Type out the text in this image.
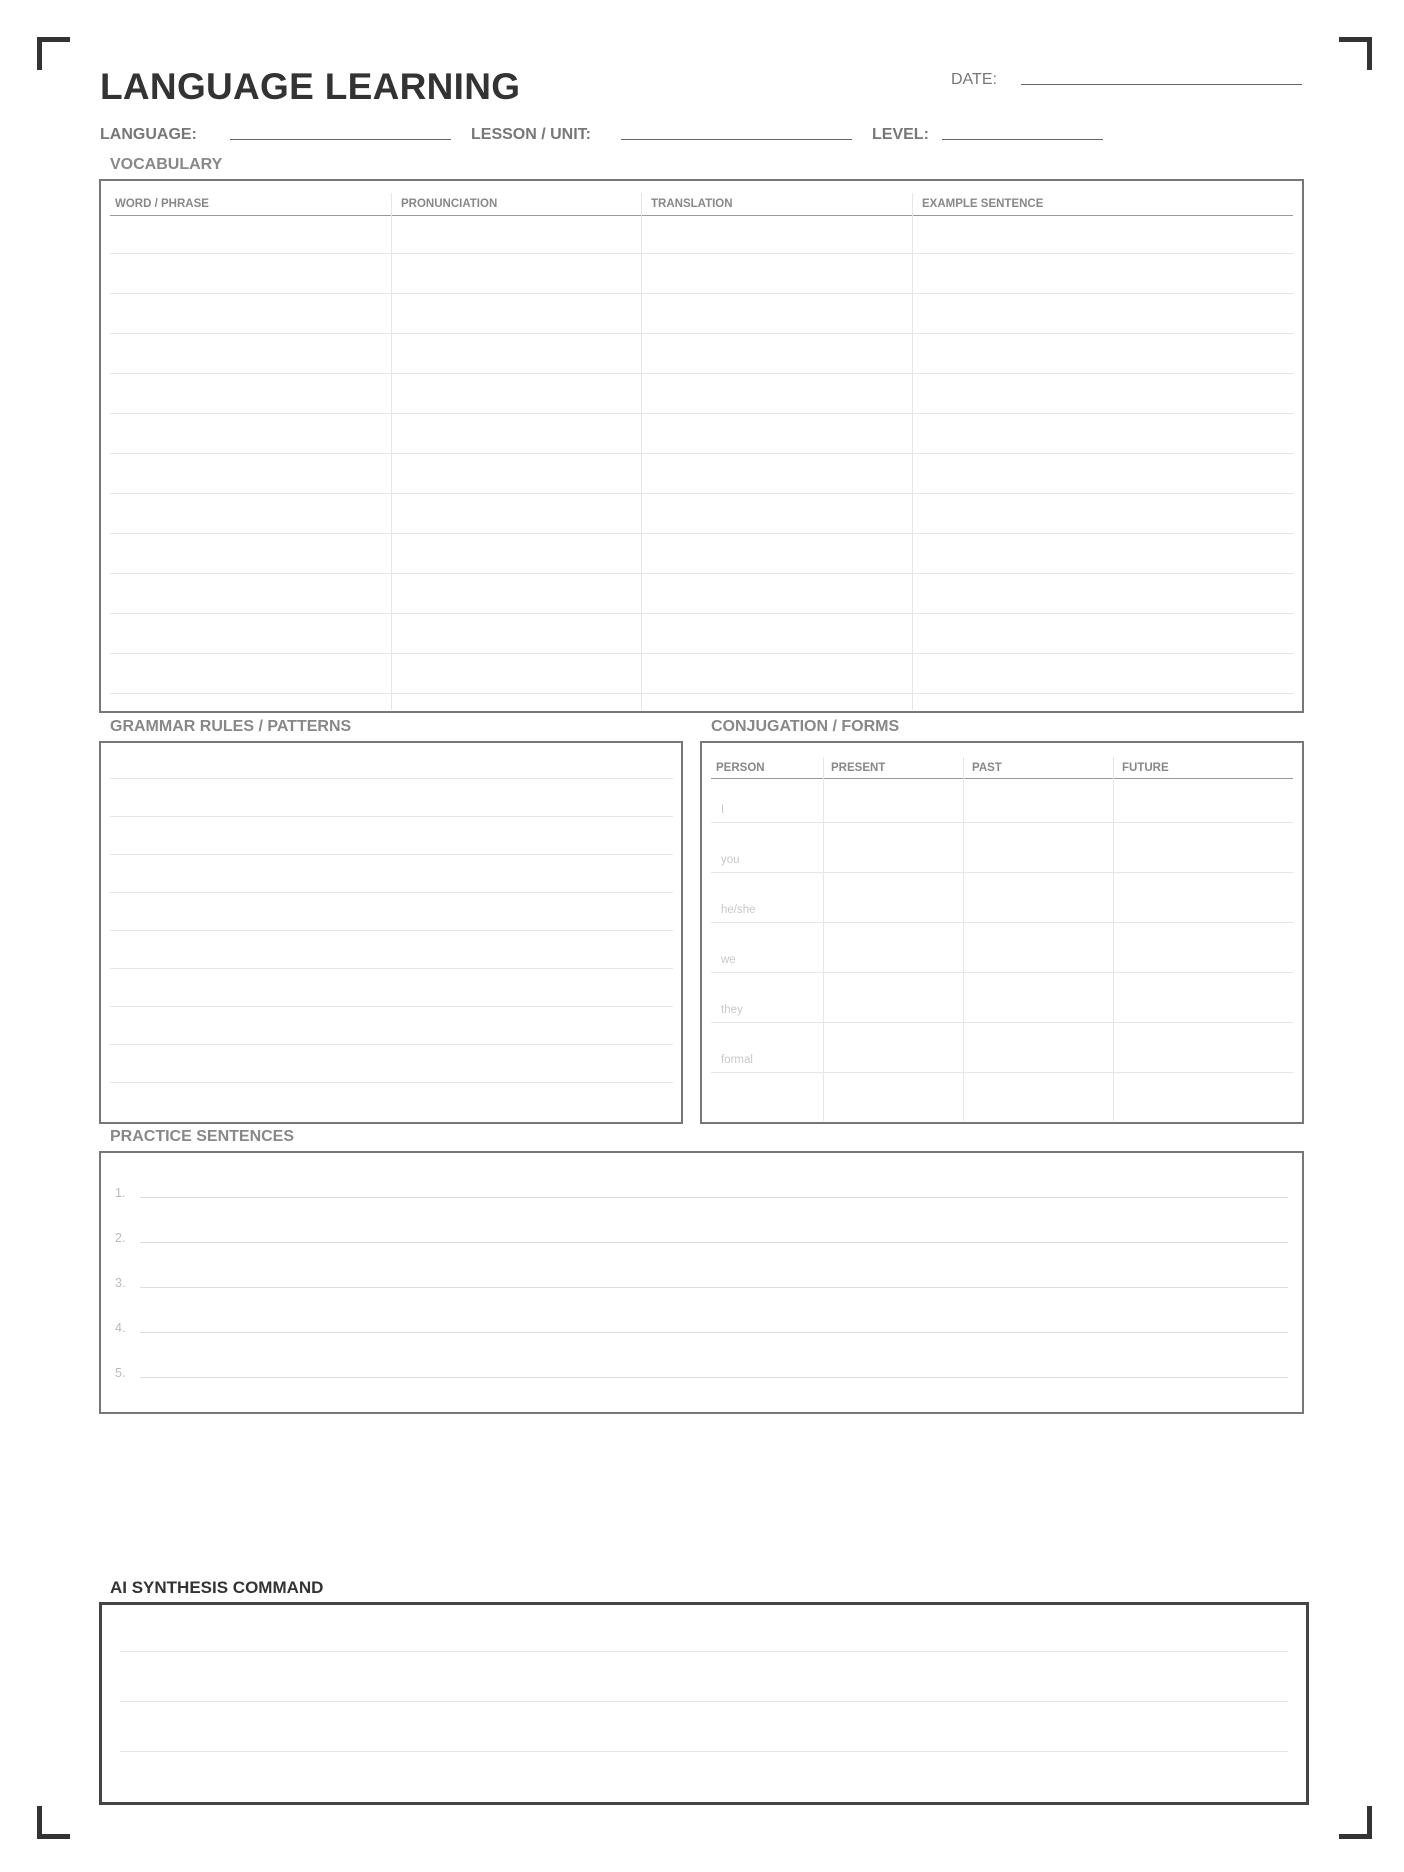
LANGUAGE LEARNING	DATE:
LANGUAGE:	LESSON / UNIT:	LEVEL:
VOCABULARY
WORD / PHRASE	PRONUNCIATION	TRANSLATION	EXAMPLE SENTENCE
GRAMMAR RULES / PATTERNS	CONJUGATION / FORMS
PERSON	PRESENT	PAST	FUTURE
I
you
he/she
we
they
formal
PRACTICE SENTENCES
1.
2.
3.
4.
5.
AI SYNTHESIS COMMAND
